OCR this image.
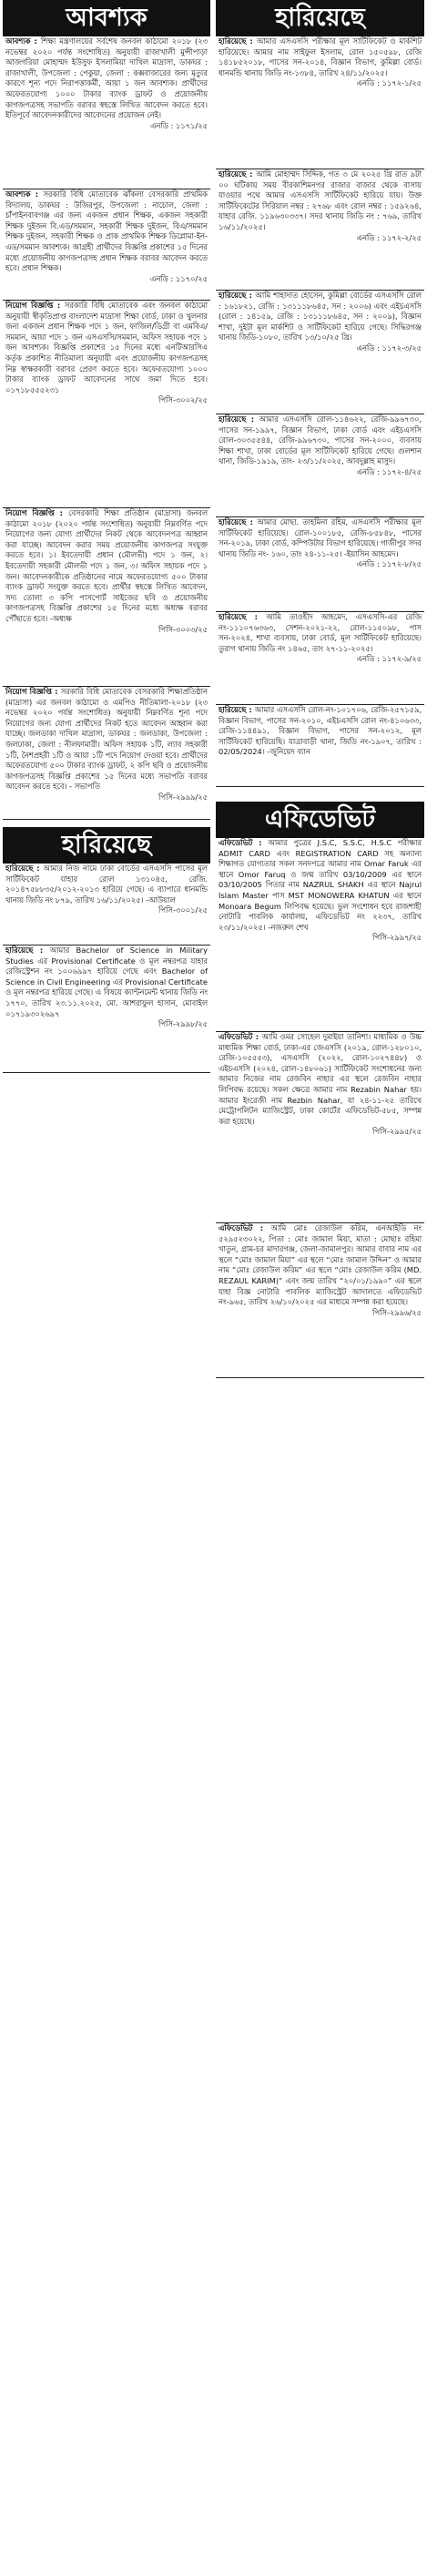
আবশ্যক

আবশ্যক : শিক্ষা মন্ত্রণালয়ের সর্বশেষ জনবল কাঠামো ২০১৮ (২৩ নভেম্বর ২০২০ পর্যন্ত সংশোধিত) অনুযায়ী রাজাখালী মুন্সীপাড়া আজগরিয়া মোহাম্মদ ইউসুফ ইসলামিয়া দাখিল মাদ্রাসা, ডাকঘর : রাজাখালী, উপজেলা : পেকুয়া, জেলা : কক্সবাজারের জন্য মৃত্যুর কারণে শূন্য পদে নিরাপত্তাকর্মী, আয়া ১ জন আবশ্যক। প্রার্থীদের অফেরতযোগ্য ১০০০ টাকার ব্যাংক ড্রাফট ও প্রয়োজনীয় কাগজপত্রসহ সভাপতি বরাবর স্বহস্তে লিখিত আবেদন করতে হবে। ইতিপূর্বে আবেদনকারীদের আবেদনের প্রয়োজন নেই।

এনডি : ১১৭১/২৫

আবশ্যক : সরকারি বিধি মোতাবেক ঝাঁকলা বেসরকারি প্রাথমিক বিদ্যালয়, ডাকঘর : উজিরপুর, উপজেলা : নাচোল, জেলা : চাঁপাইনবাবগঞ্জ এর জন্য একজন প্রধান শিক্ষক, একজন সহকারী শিক্ষক দুইজন বি.এড/সমমান, সহকারী শিক্ষক দুইজন, বিএ/সমমান শিক্ষক দুইজন, সহকারী শিক্ষক ও প্রাক প্রাথমিক শিক্ষক ডিপ্লোমা-ইন-এড/সমমান আবশ্যক। আগ্রহী প্রার্থীদের বিজ্ঞপ্তি প্রকাশের ১৫ দিনের মধ্যে প্রয়োজনীয় কাগজপত্রসহ প্রধান শিক্ষক বরাবর আবেদন করতে হবে। প্রধান শিক্ষক।

এনডি : ১১৭০/২৫

নিয়োগ বিজ্ঞপ্তি : সরকারি বিধি মোতাবেক এবং জনবল কাঠামো অনুযায়ী স্বীকৃতিপ্রাপ্ত বাংলাদেশ মাদ্রাসা শিক্ষা বোর্ড, ঢাকা ও খুলনার জন্য একজন প্রধান শিক্ষক পদে ১ জন, ফাজিল/ডিগ্রী বা এমবিএ/সমমান, আয়া পদে ১ জন এসএসসি/সমমান, অফিস সহায়ক পদে ১ জন আবশ্যক। বিজ্ঞপ্তি প্রকাশের ১৫ দিনের মধ্যে এনটিআরসিএ কর্তৃক প্রকাশিত নীতিমালা অনুযায়ী এবং প্রয়োজনীয় কাগজপত্রসহ নিম্ন স্বাক্ষরকারী বরাবর প্রেরণ করতে হবে। অফেরতযোগ্য ১০০০ টাকার ব্যাংক ড্রাফট আবেদনের সাথে জমা দিতে হবে। ০১৭১৮৫৫৫২৩১

পিসি-৩০০২/২৫

নিয়োগ বিজ্ঞপ্তি : বেসরকারি শিক্ষা প্রতিষ্ঠান (মাদ্রাসা) জনবল কাঠামো ২০১৮ (২০২০ পর্যন্ত সংশোধিত) অনুযায়ী নিম্নবর্ণিত পদে নিয়োগের জন্য যোগ্য প্রার্থীদের নিকট থেকে আবেদনপত্র আহ্বান করা যাচ্ছে। আবেদন করার সময় প্রয়োজনীয় কাগজপত্র সংযুক্ত করতে হবে। ১। ইবতেদায়ী প্রধান (মৌলভী) পদে ১ জন, ২। ইবতেদায়ী সহকারী মৌলভী পদে ১ জন, ৩। অফিস সহায়ক পদে ১ জন। আবেদনকারীকে প্রতিষ্ঠানের নামে অফেরতযোগ্য ৫০০ টাকার ব্যাংক ড্রাফট সংযুক্ত করতে হবে। প্রার্থীর স্বহস্তে লিখিত আবেদন, সদ্য তোলা ৩ কপি পাসপোর্ট সাইজের ছবি ও প্রয়োজনীয় কাগজপত্রসহ বিজ্ঞপ্তি প্রকাশের ১৫ দিনের মধ্যে অধ্যক্ষ বরাবর পৌঁছাতে হবে। -অধ্যক্ষ

পিসি-৩০০৩/২৫

নিয়োগ বিজ্ঞপ্তি : সরকারি বিধি মোতাবেক বেসরকারি শিক্ষাপ্রতিষ্ঠান (মাদ্রাসা) এর জনবল কাঠামো ও এমপিও নীতিমালা-২০১৮ (২৩ নভেম্বর ২০২০ পর্যন্ত সংশোধিত) অনুযায়ী নিম্নবর্ণিত শূন্য পদে নিয়োগের জন্য যোগ্য প্রার্থীদের নিকট হতে আবেদন আহ্বান করা যাচ্ছে। জলডাকা দাখিল মাদ্রাসা, ডাকঘর : জলডাকা, উপজেলা : জলঢাকা, জেলা : নীলফামারী। অফিস সহায়ক ১টি, ল্যাব সহকারী ১টি, নৈশপ্রহরী ১টি ও আয়া ১টি পদে নিয়োগ দেওয়া হবে। প্রার্থীদের অফেরতযোগ্য ৫০০ টাকার ব্যাংক ড্রাফট, ২ কপি ছবি ও প্রয়োজনীয় কাগজপত্রসহ বিজ্ঞপ্তি প্রকাশের ১৫ দিনের মধ্যে সভাপতি বরাবর আবেদন করতে হবে। - সভাপতি

পিসি-২৯৯৯/২৫
হারিয়েছে

হারিয়েছে : আমার নিজ নামে ঢাকা বোর্ডের এসএসসি পাসের মূল সার্টিফিকেট যাহার রোল ১৩১০৪৫, রেজি. ২০১৪৭৫৮৮৩৫/২০১২-২০১৩ হারিয়ে গেছে। এ ব্যাপারে ধানমন্ডি থানায় জিডি নং ৮৭৯, তারিখ ১৬/১১/২০২৫। -আউয়াল

পিসি-৩০০১/২৫

হারিয়েছে : আমার Bachelor of Science in Military Studies এর Provisional Certificate ও মূল নম্বরপত্র যাহার রেজিস্ট্রেশন নং ১০০৬৯৯৭ হারিয়ে গেছে এবং Bachelor of Science in Civil Engineering এর Provisional Certificate ও মূল নম্বরপত্র হারিয়ে গেছে। এ বিষয়ে ক্যান্টনমেন্ট থানায় জিডি নং ১৭৭০, তারিখ ২৩.১১.২০২৫, মো. আশরাফুল হাসান, মোবাইল ০১৭১৯৩০২৬৯৭

পিসি-২৯৯৮/২৫
হারিয়েছে

হারিয়েছে : আমার এসএসসি পরীক্ষার মূল সার্টিফিকেট ও মার্কশিট হারিয়েছে। আমার নাম সাইফুল ইসলাম, রোল ১৫০৫৯৮, রেজি ১৪১৮৫২০১৮, পাসের সন-২০১৪, বিজ্ঞান বিভাগ, কুমিল্লা বোর্ড। ধানমন্ডি থানায় জিডি নং-১৩৮৪, তারিখ ২৪/১১/২০২৫।

এনডি : ১১৭২-১/২৫

হারিয়েছে : আমি মোহাম্মদ সিদ্দিক, গত ৩ মে ২০২৫ খ্রি রাত ৯টা ০০ ঘটিকায় সময় বীরকাশিমনগর রাজার বাজার থেকে বাসায় যাওয়ার পথে আমার এসএসসি সার্টিফিকেট হারিয়ে যায়। উক্ত সার্টিফিকেটের সিরিয়াল নম্বর : ২৭৬৮ এবং রোল নম্বর : ১৫৯২৬৪, যাহার রেজি. ১১৯৬৩০৩৩৭। সদর থানায় জিডি নং : ৭৬৯, তারিখ ১৬/১১/২০২৫।

এনডি : ১১৭২-২/২৫

হারিয়েছে : আমি শাহাদাত হোসেন, কুমিল্লা বোর্ডের এসএসসি রোল : ১৬১৮২১, রেজি : ১৩১১১৮৬৪৫, সন : ২০০৬) এবং এইচএসসি (রোল : ১৪১৫৯, রেজি : ১৩১১১৮৬৪৫, সন : ২০০৯), বিজ্ঞান শাখা, দুইটা মূল মার্কশিট ও সার্টিফিকেট হারিয়ে গেছে। সিদ্ধিরগঞ্জ থানায় জিডি-১০৮০, তারিখ ১৩/১০/২৫ খ্রি।

এনডি : ১১৭২-৩/২৫

হারিয়েছে : আমার এসএসসি রোল-১১৪৬২২, রেজি-৯৯৬৭৩০, পাসের সন-১৯৯৭, বিজ্ঞান বিভাগ, ঢাকা বোর্ড এবং এইচএসসি রোল-৩০৩৫৫৪৪, রেজি-৯৯৬৭৩০, পাসের সন-২০০০, ব্যবসায় শিক্ষা শাখা, ঢাকা বোর্ডের মূল সার্টিফিকেট হারিয়ে গেছে। গুলশান থানা, জিডি-১৯১৯, তাং- ২৩/১১/২০২৫, আবদুল্লাহ মাসুদ।

এনডি : ১১৭২-৪/২৫

হারিয়েছে : আমার মোছা. তাহমিনা রহিম, এসএসসি পরীক্ষার মূল সার্টিফিকেট হারিয়েছে। রোল-১০০১৮৫, রেজি-৮৫৮৪৮, পাসের সন-২০১৯, ঢাকা বোর্ড, কম্পিউটার বিভাগ হারিয়েছে। গাজীপুর সদর থানায় জিডি নং- ১৬০, তাং ২৪-১১-২৫। -ইয়াসিন আহমেদ।

এনডি : ১১৭২-৮/২৫

হারিয়েছে : আমি তাওহীদ আহমেদ, এসএসসি-এর রেজি নং-১১১০৭৬৩৬৩, সেশন-২০২১-২২, রোল-১১৫০৯৮, পাস সন-২০২৪, শাখা ব্যবসায়, ঢাকা বোর্ড, মূল সার্টিফিকেট হারিয়েছে। তুরাগ থানায় জিডি নং ১৪৬৫, তাং ২৭-১১-২০২৫।

এনডি : ১১৭২-৯/২৫

হারিয়েছে : আমার এসএসসি রোল-নং-১০১৭০৬, রেজি-২৫৭১৫৯, বিজ্ঞান বিভাগ, পাসের সন-২০১০, এইচএসসি রোল নং-৪১০৬৩৩, রেজি-১১৪৪৯১, বিজ্ঞান বিভাগ, পাসের সন-২০১২, মূল সার্টিফিকেট হারিয়েছি। যাত্রাবাড়ী থানা, জিডি নং-১৯০৭, তারিখ : 02/05/2024। -জুনিয়েদ ব্যান

এফিডেভিট

এফিডেভিট : আমার পুত্রের J.S.C, S.S.C, H.S.C পরীক্ষার ADMIT CARD এবং REGISTRATION CARD সহ অন্যান্য শিক্ষাগত যোগ্যতার সকল সনদপত্রে আমার নাম Omar Faruk এর স্থানে Omor Faruq ও জন্ম তারিখ 03/10/2009 এর স্থানে 03/10/2005 পিতার নাম NAZRUL SHAKH এর স্থানে Najrul Islam Master পাস MST MONOWERA KHATUN এর স্থানে Monoara Begum লিপিবদ্ধ হয়েছে। ভুল সংশোধন হবে রাজশাহী নোটারি পাবলিক কার্যালয়, এফিডেভিট নং ২২৩৭, তারিখ ২৩/১১/২০২৫। -নজরুল শেখ

পিসি-২৯৯৭/২৫

এফিডেভিট : আমি ওমর সোহেল দুমাইয়া তানিশা। মাধ্যমিক ও উচ্চ মাধ্যমিক শিক্ষা বোর্ড, ঢাকা-এর জেএসসি (২০১৯, রোল-১২৮০১০, রেজি-১০৫৫৫৩), এসএসসি (২০২২, রোল-১০২৭৪৪৮) ও এইচএসসি (২০২৪, রোল-১৪৮০৬১) সার্টিফিকেট সংশোধনের জন্য আমার নিজের নাম রেজবিন নাহার এর স্থলে রেজবিন নাহার লিপিবদ্ধ রয়েছে। সকল ক্ষেত্রে আমার নাম Rezabin Nahar হয়। আমার ইংরেজী নাম Rezbin Nahar, যা ২৪-১১-২৫ তারিখে মেট্রোপলিটন ম্যাজিস্ট্রেট, ঢাকা কোর্টের এফিডেভিট-৫৮৫, সম্পন্ন করা হয়েছে।

পিসি-২৯৯৫/২৫

এফিডেভিট : আমি মোঃ রেজাউল করিম, এনআইডি নং ৫২৯৫২৩০২২, পিতা : মোঃ জামাল মিয়া, মাতা : মোছাঃ রহিমা খাতুন, গ্রাম-চর মাদারগঞ্জ, জেলা-জামালপুর। আমার বাবার নাম এর স্থলে “মোঃ জামাল মিয়া” এর স্থলে “মোঃ জামাল উদ্দিন” ও আমার নাম “মোঃ রেজাউল করিম” এর স্থলে “মোঃ রেজাউল করিম (MD. REZAUL KARIM)” এবং জন্ম তারিখ “২০/০১/১৯৯০” এর স্থলে যাহা বিজ্ঞ নোটারি পাবলিক ম্যাজিস্ট্রেট আদালতে এফিডেভিট নং-৯৬৫, তারিখ ২৬/১০/২০২৫ এর মাধ্যমে সম্পন্ন করা হয়েছে।

পিসি-২৯৯৬/২৫
